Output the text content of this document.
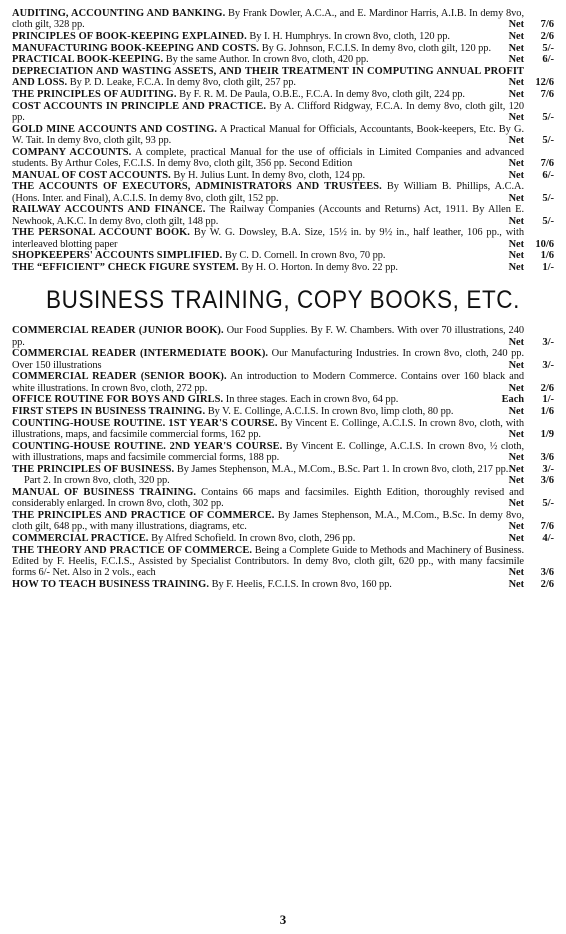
AUDITING, ACCOUNTING AND BANKING. By Frank Dowler, A.C.A., and E. Mardinor Harris, A.I.B. In demy 8vo, cloth gilt, 328 pp.	Net	7/6
PRINCIPLES OF BOOK-KEEPING EXPLAINED. By I. H. Humphrys. In crown 8vo, cloth, 120 pp.	Net	2/6
MANUFACTURING BOOK-KEEPING AND COSTS. By G. Johnson, F.C.I.S. In demy 8vo, cloth gilt, 120 pp. Net	5/-
PRACTICAL BOOK-KEEPING. By the same Author. In crown 8vo, cloth, 420 pp.	Net	6/-
DEPRECIATION AND WASTING ASSETS, AND THEIR TREATMENT IN COMPUTING ANNUAL PROFIT AND LOSS. By P. D. Leake, F.C.A. In demy 8vo, cloth gilt, 257 pp.	Net	12/6
THE PRINCIPLES OF AUDITING. By F. R. M. De Paula, O.B.E., F.C.A. In demy 8vo, cloth gilt, 224 pp.	Net	7/6
COST ACCOUNTS IN PRINCIPLE AND PRACTICE. By A. Clifford Ridgway, F.C.A. In demy 8vo, cloth gilt, 120 pp.	Net	5/-
GOLD MINE ACCOUNTS AND COSTING. A Practical Manual for Officials, Accountants, Book-keepers, Etc. By G. W. Tait. In demy 8vo, cloth gilt, 93 pp.	Net	5/-
COMPANY ACCOUNTS. A complete, practical Manual for the use of officials in Limited Companies and advanced students. By Arthur Coles, F.C.I.S. In demy 8vo, cloth gilt, 356 pp. Second Edition	Net	7/6
MANUAL OF COST ACCOUNTS. By H. Julius Lunt. In demy 8vo, cloth, 124 pp.	Net	6/-
THE ACCOUNTS OF EXECUTORS, ADMINISTRATORS AND TRUSTEES. By William B. Phillips, A.C.A. (Hons. Inter. and Final), A.C.I.S. In demy 8vo, cloth gilt, 152 pp.	Net	5/-
RAILWAY ACCOUNTS AND FINANCE. The Railway Companies (Accounts and Returns) Act, 1911. By Allen E. Newhook, A.K.C. In demy 8vo, cloth gilt, 148 pp.	Net	5/-
THE PERSONAL ACCOUNT BOOK. By W. G. Dowsley, B.A. Size, 15½ in. by 9½ in., half leather, 106 pp., with interleaved blotting paper	Net	10/6
SHOPKEEPERS' ACCOUNTS SIMPLIFIED. By C. D. Cornell. In crown 8vo, 70 pp.	Net	1/6
THE “EFFICIENT” CHECK FIGURE SYSTEM. By H. O. Horton. In demy 8vo. 22 pp.	Net	1/-
BUSINESS TRAINING, COPY BOOKS, ETC.
COMMERCIAL READER (JUNIOR BOOK). Our Food Supplies. By F. W. Chambers. With over 70 illustrations, 240 pp.	Net	3/-
COMMERCIAL READER (INTERMEDIATE BOOK). Our Manufacturing Industries. In crown 8vo, cloth, 240 pp. Over 150 illustrations	Net	3/-
COMMERCIAL READER (SENIOR BOOK). An introduction to Modern Commerce. Contains over 160 black and white illustrations. In crown 8vo, cloth, 272 pp.	Net	2/6
OFFICE ROUTINE FOR BOYS AND GIRLS. In three stages. Each in crown 8vo, 64 pp.	Each	1/-
FIRST STEPS IN BUSINESS TRAINING. By V. E. Collinge, A.C.I.S. In crown 8vo, limp cloth, 80 pp.	Net	1/6
COUNTING-HOUSE ROUTINE. 1ST YEAR'S COURSE. By Vincent E. Collinge, A.C.I.S. In crown 8vo, cloth, with illustrations, maps, and facsimile commercial forms, 162 pp.	Net	1/9
COUNTING-HOUSE ROUTINE. 2ND YEAR'S COURSE. By Vincent E. Collinge, A.C.I.S. In crown 8vo, ½ cloth, with illustrations, maps and facsimile commercial forms, 188 pp.	Net	3/6
THE PRINCIPLES OF BUSINESS. By James Stephenson, M.A., M.Com., B.Sc. Part 1. In crown 8vo, cloth, 217 pp. Net	3/-
Part 2. In crown 8vo, cloth, 320 pp.	Net	3/6
MANUAL OF BUSINESS TRAINING. Contains 66 maps and facsimiles. Eighth Edition, thoroughly revised and considerably enlarged. In crown 8vo, cloth, 302 pp.	Net	5/-
THE PRINCIPLES AND PRACTICE OF COMMERCE. By James Stephenson, M.A., M.Com., B.Sc. In demy 8vo, cloth gilt, 648 pp., with many illustrations, diagrams, etc.	Net	7/6
COMMERCIAL PRACTICE. By Alfred Schofield. In crown 8vo, cloth, 296 pp.	Net	4/-
THE THEORY AND PRACTICE OF COMMERCE. Being a Complete Guide to Methods and Machinery of Business. Edited by F. Heelis, F.C.I.S., Assisted by Specialist Contributors. In demy 8vo, cloth gilt, 620 pp., with many facsimile forms 6/- Net. Also in 2 vols., each	Net	3/6
HOW TO TEACH BUSINESS TRAINING. By F. Heelis, F.C.I.S. In crown 8vo, 160 pp.	Net	2/6
3
